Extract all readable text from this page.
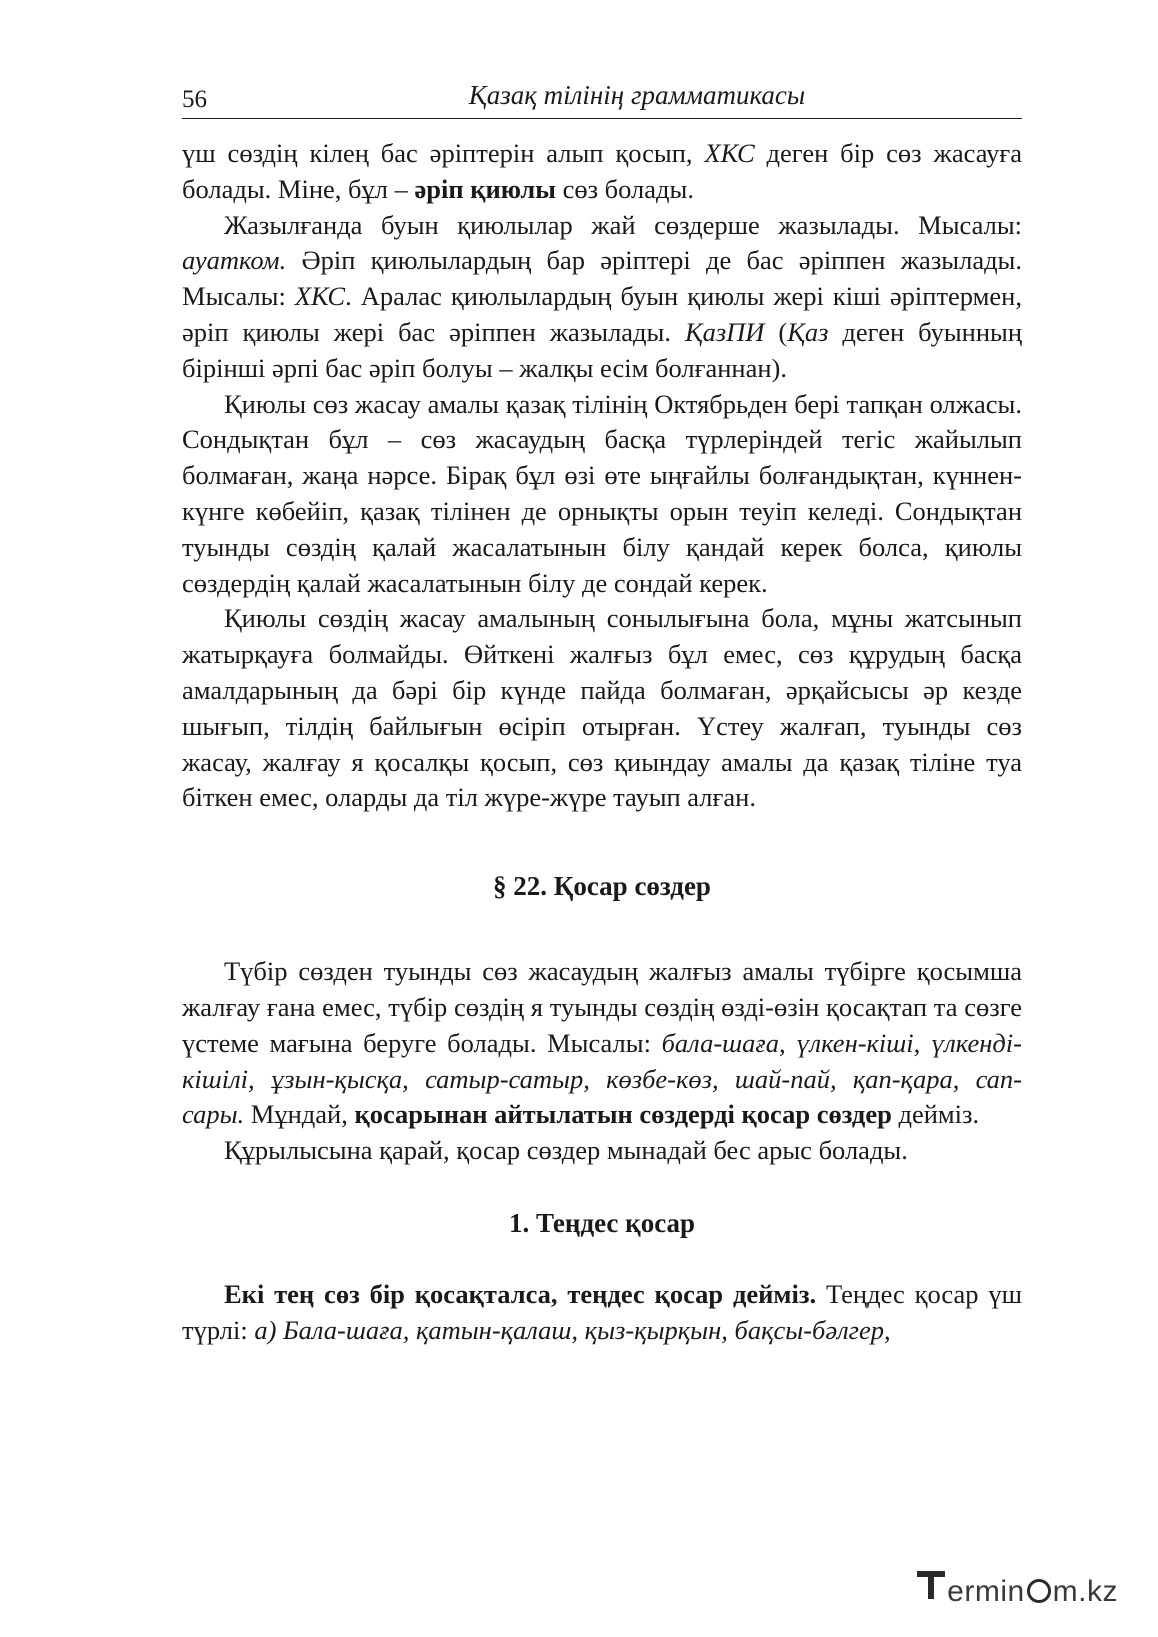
56	Қазақ тілінің грамматикасы

үш сөздің кілең бас әріптерін алып қосып, ХКС деген бір сөз жасауға болады. Міне, бұл – әріп қиюлы сөз болады.

Жазылғанда буын қиюлылар жай сөздерше жазылады. Мысалы: ауатком. Әріп қиюлылардың бар әріптері де бас әріппен жазылады. Мысалы: ХКС. Аралас қиюлылардың буын қиюлы жері кіші әріптермен, әріп қиюлы жері бас әріппен жазылады. ҚазПИ (Қаз деген буынның бірінші әрпі бас әріп болуы – жалқы есім болғаннан).

Қиюлы сөз жасау амалы қазақ тілінің Октябрьден бері тапқан олжасы. Сондықтан бұл – сөз жасаудың басқа түрлеріндей тегіс жайылып болмаған, жаңа нәрсе. Бірақ бұл өзі өте ыңғайлы болғандықтан, күннен-күнге көбейіп, қазақ тілінен де орнықты орын теуіп келеді. Сондықтан туынды сөздің қалай жасалатынын білу қандай керек болса, қиюлы сөздердің қалай жасалатынын білу де сондай керек.

Қиюлы сөздің жасау амалының сонылығына бола, мұны жатсынып жатырқауға болмайды. Өйткені жалғыз бұл емес, сөз құрудың басқа амалдарының да бәрі бір күнде пайда болмаған, әрқайсысы әр кезде шығып, тілдің байлығын өсіріп отырған. Үстеу жалғап, туынды сөз жасау, жалғау я қосалқы қосып, сөз қиындау амалы да қазақ тіліне туа біткен емес, оларды да тіл жүре-жүре тауып алған.

§ 22. Қосар сөздер

Түбір сөзден туынды сөз жасаудың жалғыз амалы түбірге қосымша жалғау ғана емес, түбір сөздің я туынды сөздің өзді-өзін қосақтап та сөзге үстеме мағына беруге болады. Мысалы: бала-шаға, үлкен-кіші, үлкенді-кішілі, ұзын-қысқа, сатыр-сатыр, көзбе-көз, шай-пай, қап-қара, сап-сары. Мұндай, қосарынан айтылатын сөздерді қосар сөздер дейміз.

Құрылысына қарай, қосар сөздер мынадай бес арыс болады.

1. Теңдес қосар

Екі тең сөз бір қосақталса, теңдес қосар дейміз. Теңдес қосар үш түрлі: а) Бала-шаға, қатын-қалаш, қыз-қырқын, бақсы-бәлгер,

ermin m.kz
